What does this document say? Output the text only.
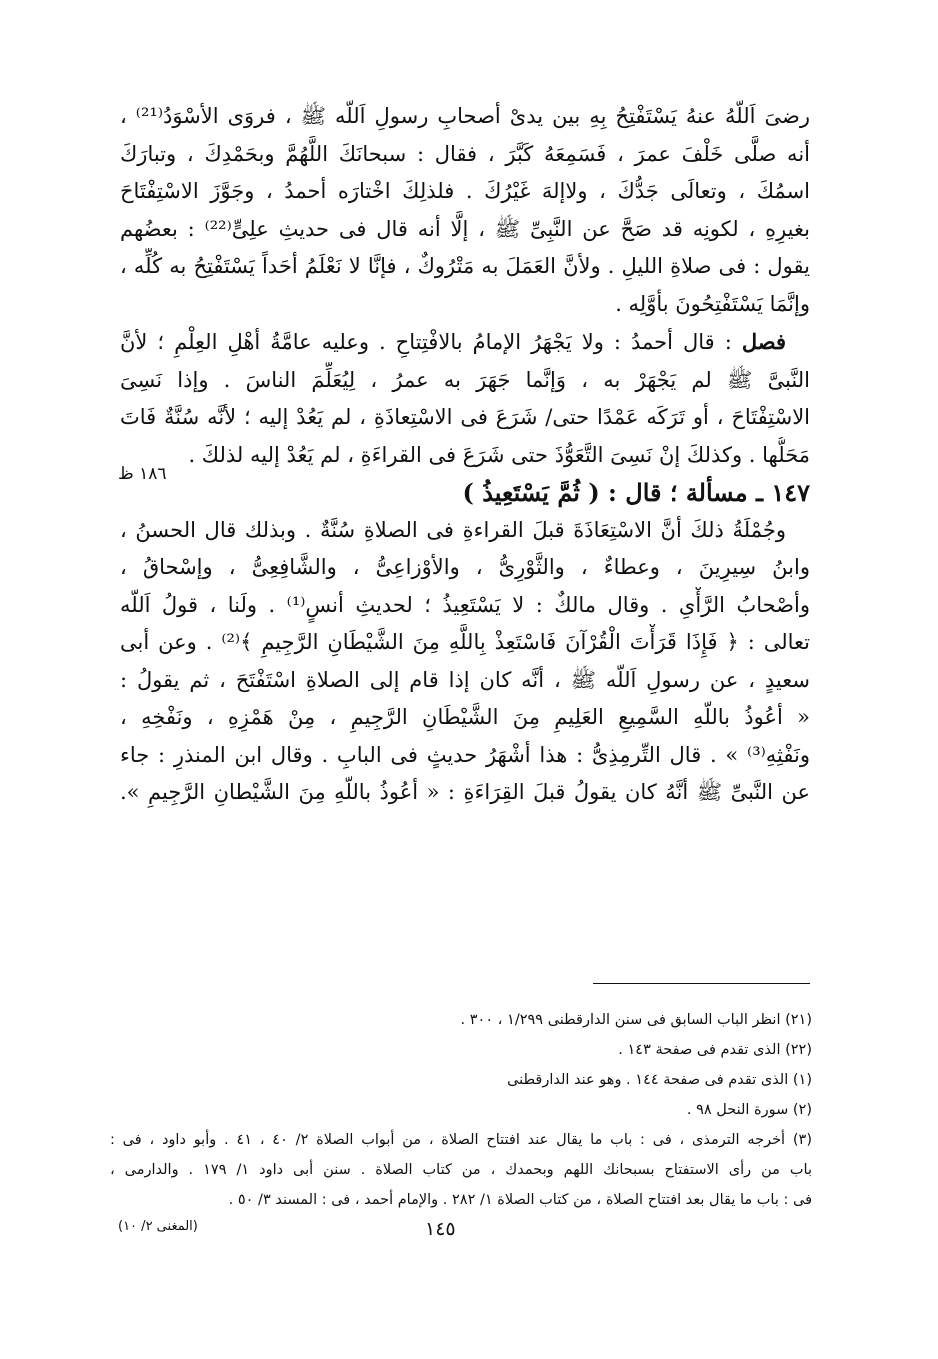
رضىَ اَللّهُ عنهُ يَسْتَفْتِحُ بِهِ بين يدىْ أصحابِ رسولِ اَللّه ﷺ ، فروَى الأسْوَدُ⁽²¹⁾ ،
أنه صلَّى خَلْفَ عمرَ ، فَسَمِعَهُ كَبَّرَ ، فقال : سبحانَكَ اللَّهُمَّ وبحَمْدِكَ ، وتبارَكَ
اسمُكَ ، وتعالَى جَدُّكَ ، ولاإلهَ غَيْرُكَ . فلذلِكَ اخْتارَه أحمدُ ، وجَوَّزَ الاسْتِفْتَاحَ
بغيرِهِ ، لكونِه قد صَحَّ عن النَّبِىِّ ﷺ ، إلَّا أنه قال فى حديثِ علِىٍّ⁽²²⁾ : بعضُهم
يقول : فى صلاةِ الليلِ . ولأنَّ العَمَلَ به مَتْرُوكٌ ، فإنَّا لا نَعْلَمُ أحَداً يَسْتَفْتِحُ به كُلِّه ،
وإنَّمَا يَسْتَفْتِحُونَ بأوَّلِه .
فصل : قال أحمدُ : ولا يَجْهَرُ الإمامُ بالافْتِتاحِ . وعليه عامَّةُ أهْلِ العِلْمِ ؛ لأنَّ
النَّبىَّ ﷺ لم يَجْهَرْ به ، وَإنَّما جَهَرَ به عمرُ ، لِيُعَلِّمَ الناسَ . وإذا نَسِىَ
الاسْتِفْتَاحَ ، أو تَرَكَه عَمْدًا حتى/ شَرَعَ فى الاسْتِعاذَةِ ، لم يَعُدْ إليه ؛ لأنَّه سُنَّةٌ فَاتَ
مَحَلُّها . وكذلكَ إنْ نَسِىَ التَّعَوُّذَ حتى شَرَعَ فى القراءَةِ ، لم يَعُدْ إليه لذلكَ .
١٤٧ ـ مسألة ؛ قال : ( ثُمَّ يَسْتَعِيذُ )
وجُمْلَةُ ذلكَ أنَّ الاسْتِعَاذَةَ قبلَ القراءةِ فى الصلاةِ سُنَّةٌ . وبذلك قال الحسنُ ،
وابنُ سِيرِينَ ، وعطاءٌ ، والثَّوْرِىُّ ، والأوْزاعِىُّ ، والشَّافِعِىُّ ، وإسْحاقُ ،
وأصْحابُ الرَّأْىِ . وقال مالكٌ : لا يَسْتَعِيذُ ؛ لحديثِ أنسٍ⁽¹⁾ . ولَنا ، قولُ اَللّه
تعالى : ﴿ فَإِذَا قَرَأْتَ الْقُرْآنَ فَاسْتَعِذْ بِاللَّهِ مِنَ الشَّيْطَانِ الرَّجِيمِ ﴾⁽²⁾ . وعن أبى
سعيدٍ ، عن رسولِ اَللّه ﷺ ، أنَّه كان إذا قام إلى الصلاةِ اسْتَفْتَحَ ، ثم يقولُ :
« أعُوذُ باللّهِ السَّمِيعِ العَلِيمِ مِنَ الشَّيْطَانِ الرَّجِيمِ ، مِنْ هَمْزِهِ ، ونَفْخِهِ ،
ونَفْثِهِ⁽³⁾ » . قال التِّرمِذِىُّ : هذا أشْهَرُ حديثٍ فى البابِ . وقال ابن المنذرِ : جاء
عن النَّبىِّ ﷺ أنَّهُ كان يقولُ قبلَ القِرَاءَةِ : « أعُوذُ باللّهِ مِنَ الشَّيْطانِ الرَّجِيمِ ».
١٨٦ ظ
(٢١) انظر الباب السابق فى سنن الدارقطنى ١/٢٩٩ ، ٣٠٠ .
(٢٢) الذى تقدم فى صفحة ١٤٣ .
(١) الذى تقدم فى صفحة ١٤٤ . وهو عند الدارقطنى
(٢) سورة النحل ٩٨ .
(٣) أخرجه الترمذى ، فى : باب ما يقال عند افتتاح الصلاة ، من أبواب الصلاة ٢/ ٤٠ ، ٤١ . وأبو داود ، فى :
باب من رأى الاستفتاح بسبحانك اللهم وبحمدك ، من كتاب الصلاة . سنن أبى داود ١/ ١٧٩ . والدارمى ،
فى : باب ما يقال بعد افتتاح الصلاة ، من كتاب الصلاة ١/ ٢٨٢ . والإمام أحمد ، فى : المسند ٣/ ٥٠ .
١٤٥
(المغنى ٢/ ١٠)
